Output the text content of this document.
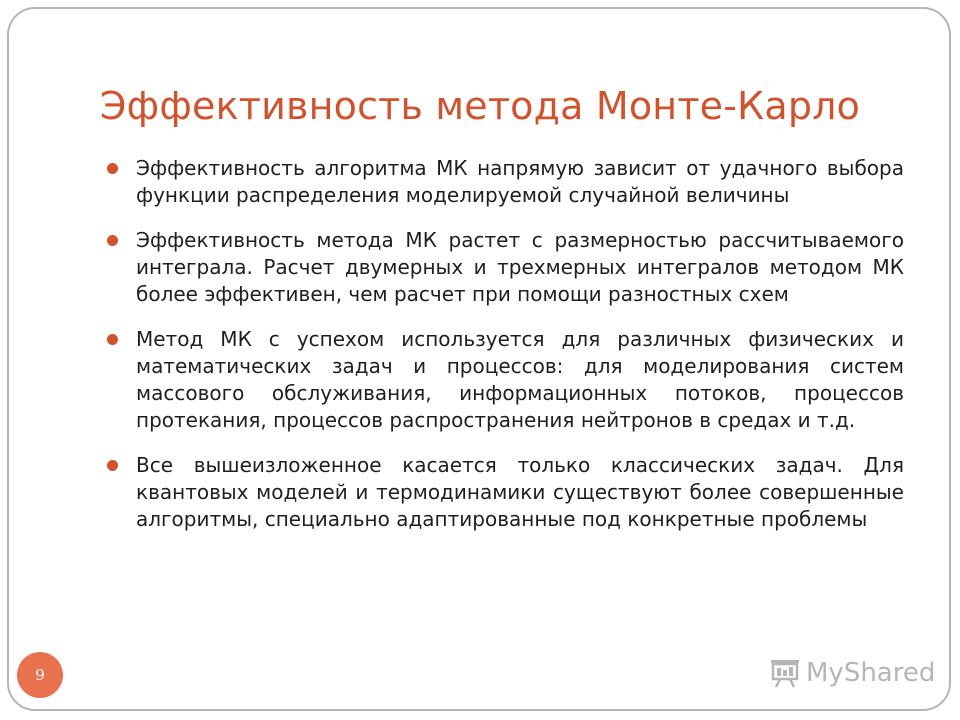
Эффективность метода Монте-Карло
Эффективность алгоритма МК напрямую зависит от удачного выбора функции распределения моделируемой случайной величины
Эффективность метода МК растет с размерностью рассчитываемого интеграла. Расчет двумерных и трехмерных интегралов методом МК более эффективен, чем расчет при помощи разностных схем
Метод МК с успехом используется для различных физических и математических задач и процессов: для моделирования систем массового обслуживания, информационных потоков, процессов протекания, процессов распространения нейтронов в средах и т.д.
Все вышеизложенное касается только классических задач. Для квантовых моделей и термодинамики существуют более совершенные алгоритмы, специально адаптированные под конкретные проблемы
9	MyShared
